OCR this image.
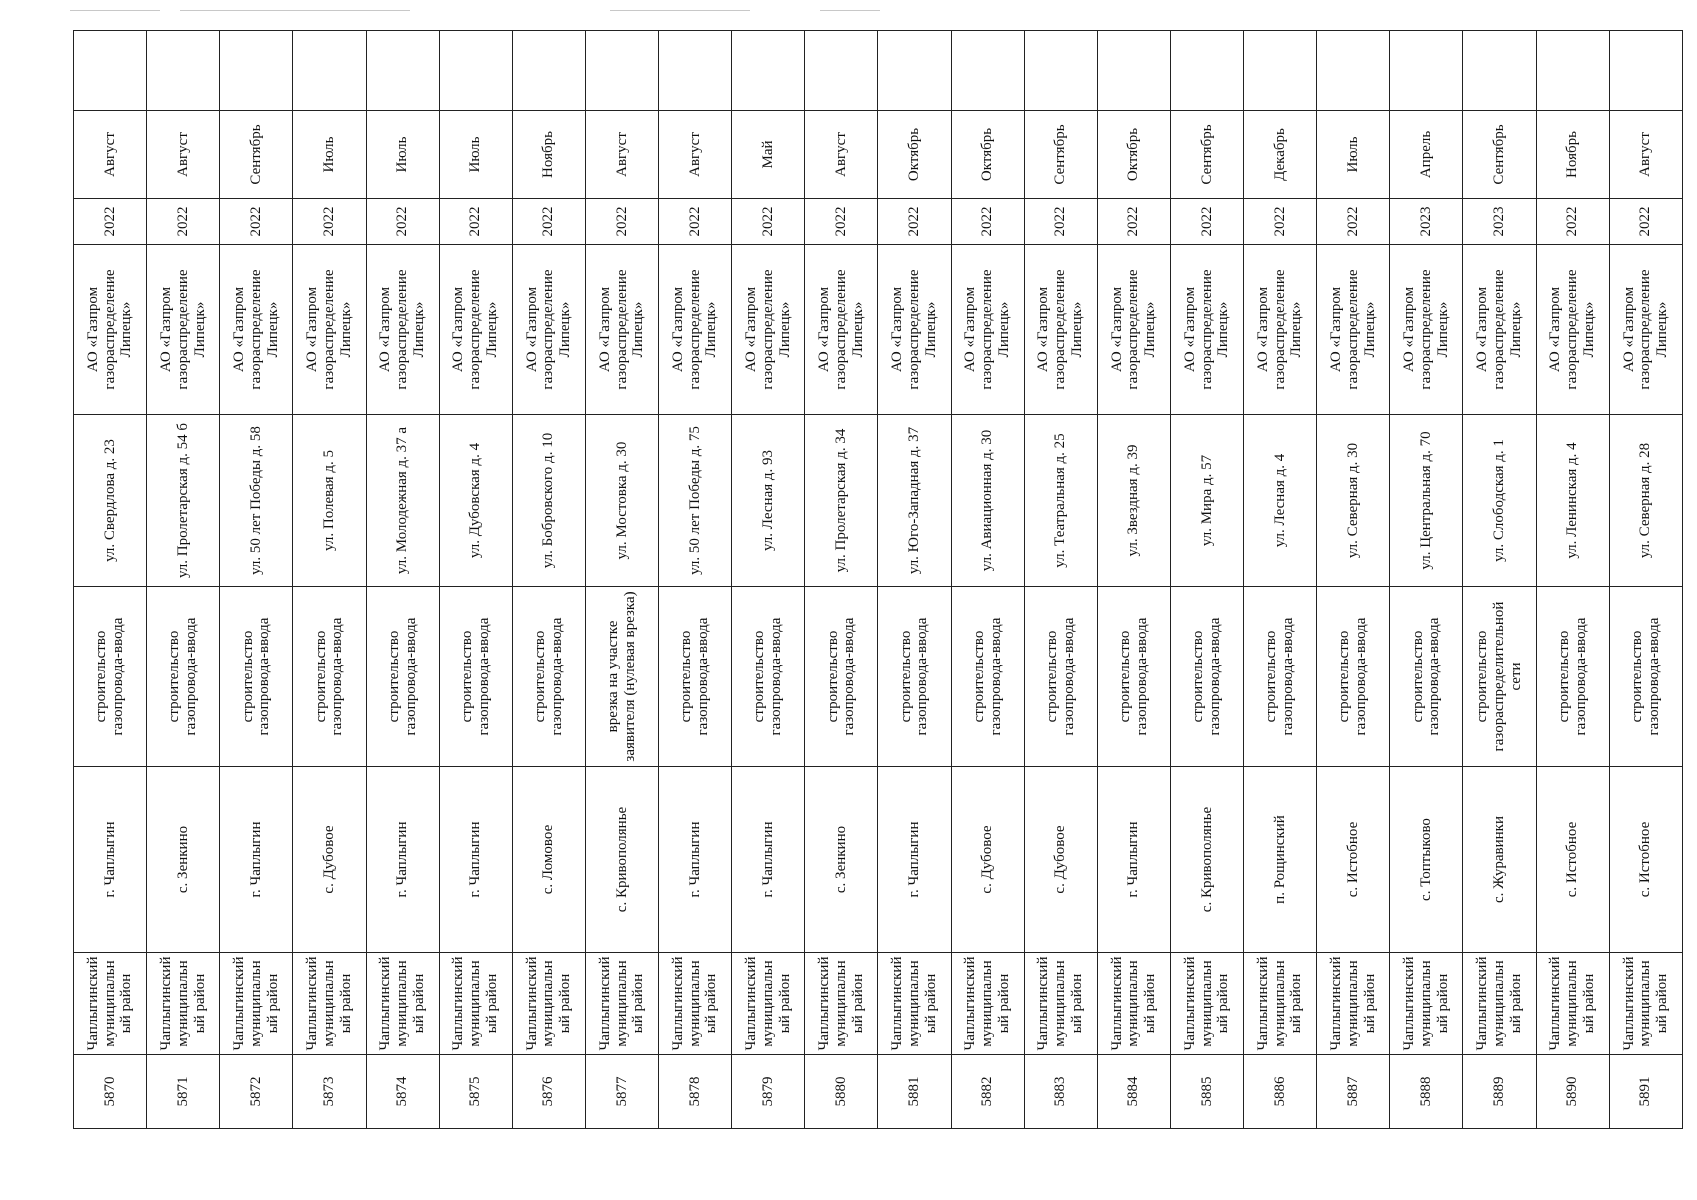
5870	Чаплыгинский муниципальный район	г. Чаплыгин	строительство газопровода-ввода	ул. Свердлова д. 23	АО «Газпром газораспределение Липецк»	2022	Август	
5871	Чаплыгинский муниципальный район	с. Зенкино	строительство газопровода-ввода	ул. Пролетарская д. 54 б	АО «Газпром газораспределение Липецк»	2022	Август	
5872	Чаплыгинский муниципальный район	г. Чаплыгин	строительство газопровода-ввода	ул. 50 лет Победы д. 58	АО «Газпром газораспределение Липецк»	2022	Сентябрь	
5873	Чаплыгинский муниципальный район	с. Дубовое	строительство газопровода-ввода	ул. Полевая д. 5	АО «Газпром газораспределение Липецк»	2022	Июль	
5874	Чаплыгинский муниципальный район	г. Чаплыгин	строительство газопровода-ввода	ул. Молодежная д. 37 а	АО «Газпром газораспределение Липецк»	2022	Июль	
5875	Чаплыгинский муниципальный район	г. Чаплыгин	строительство газопровода-ввода	ул. Дубовская д. 4	АО «Газпром газораспределение Липецк»	2022	Июль	
5876	Чаплыгинский муниципальный район	с. Ломовое	строительство газопровода-ввода	ул. Бобровского д. 10	АО «Газпром газораспределение Липецк»	2022	Ноябрь	
5877	Чаплыгинский муниципальный район	с. Кривополянье	врезка на участке заявителя (нулевая врезка)	ул. Мостовка д. 30	АО «Газпром газораспределение Липецк»	2022	Август	
5878	Чаплыгинский муниципальный район	г. Чаплыгин	строительство газопровода-ввода	ул. 50 лет Победы д. 75	АО «Газпром газораспределение Липецк»	2022	Август	
5879	Чаплыгинский муниципальный район	г. Чаплыгин	строительство газопровода-ввода	ул. Лесная д. 93	АО «Газпром газораспределение Липецк»	2022	Май	
5880	Чаплыгинский муниципальный район	с. Зенкино	строительство газопровода-ввода	ул. Пролетарская д. 34	АО «Газпром газораспределение Липецк»	2022	Август	
5881	Чаплыгинский муниципальный район	г. Чаплыгин	строительство газопровода-ввода	ул. Юго-Западная д. 37	АО «Газпром газораспределение Липецк»	2022	Октябрь	
5882	Чаплыгинский муниципальный район	с. Дубовое	строительство газопровода-ввода	ул. Авиационная д. 30	АО «Газпром газораспределение Липецк»	2022	Октябрь	
5883	Чаплыгинский муниципальный район	с. Дубовое	строительство газопровода-ввода	ул. Театральная д. 25	АО «Газпром газораспределение Липецк»	2022	Сентябрь	
5884	Чаплыгинский муниципальный район	г. Чаплыгин	строительство газопровода-ввода	ул. Звездная д. 39	АО «Газпром газораспределение Липецк»	2022	Октябрь	
5885	Чаплыгинский муниципальный район	с. Кривополянье	строительство газопровода-ввода	ул. Мира д. 57	АО «Газпром газораспределение Липецк»	2022	Сентябрь	
5886	Чаплыгинский муниципальный район	п. Рощинский	строительство газопровода-ввода	ул. Лесная д. 4	АО «Газпром газораспределение Липецк»	2022	Декабрь	
5887	Чаплыгинский муниципальный район	с. Истобное	строительство газопровода-ввода	ул. Северная д. 30	АО «Газпром газораспределение Липецк»	2022	Июль	
5888	Чаплыгинский муниципальный район	с. Топтыково	строительство газопровода-ввода	ул. Центральная д. 70	АО «Газпром газораспределение Липецк»	2023	Апрель	
5889	Чаплыгинский муниципальный район	с. Журавинки	строительство газораспределительной сети	ул. Слободская д. 1	АО «Газпром газораспределение Липецк»	2023	Сентябрь	
5890	Чаплыгинский муниципальный район	с. Истобное	строительство газопровода-ввода	ул. Ленинская д. 4	АО «Газпром газораспределение Липецк»	2022	Ноябрь	
5891	Чаплыгинский муниципальный район	с. Истобное	строительство газопровода-ввода	ул. Северная д. 28	АО «Газпром газораспределение Липецк»	2022	Август	
